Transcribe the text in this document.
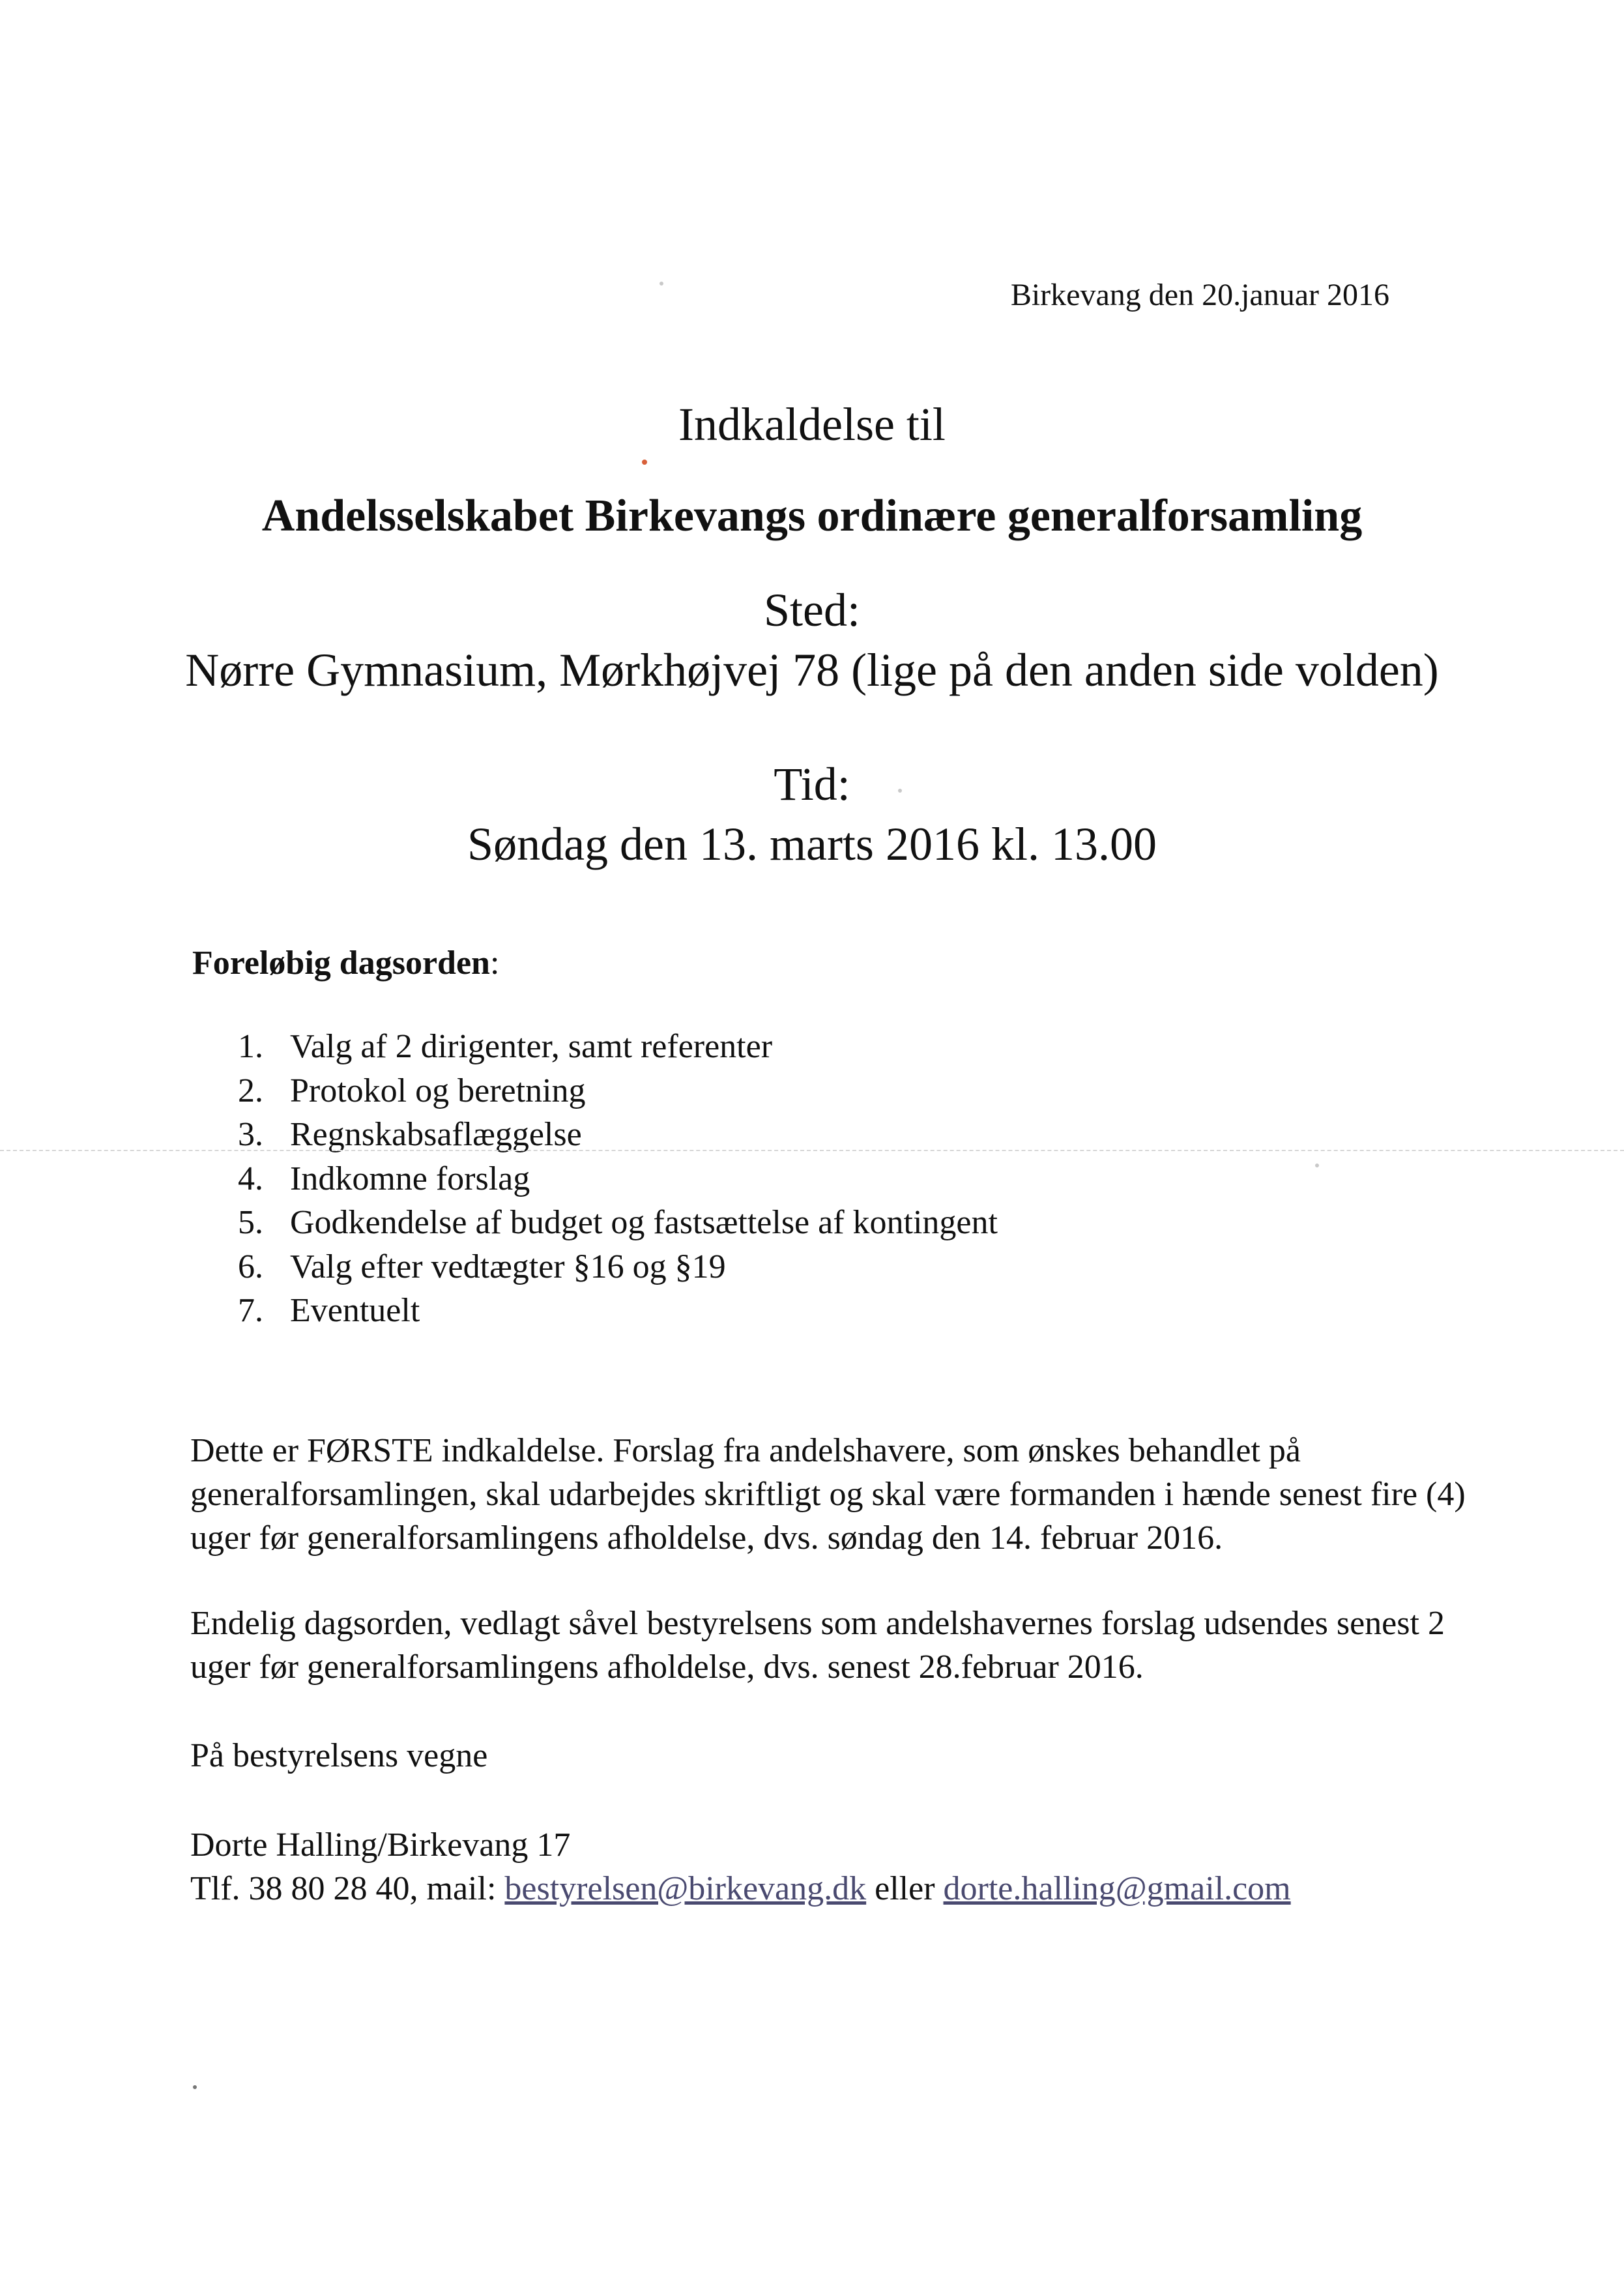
Birkevang den 20.januar 2016
Indkaldelse til
Andelsselskabet Birkevangs ordinære generalforsamling
Sted:
Nørre Gymnasium, Mørkhøjvej 78 (lige på den anden side volden)
Tid:
Søndag den 13. marts 2016 kl. 13.00
Foreløbig dagsorden:
1. Valg af 2 dirigenter, samt referenter
2. Protokol og beretning
3. Regnskabsaflæggelse
4. Indkomne forslag
5. Godkendelse af budget og fastsættelse af kontingent
6. Valg efter vedtægter §16 og §19
7. Eventuelt

Dette er FØRSTE indkaldelse. Forslag fra andelshavere, som ønskes behandlet på generalforsamlingen, skal udarbejdes skriftligt og skal være formanden i hænde senest fire (4) uger før generalforsamlingens afholdelse, dvs. søndag den 14. februar 2016.

Endelig dagsorden, vedlagt såvel bestyrelsens som andelshavernes forslag udsendes senest 2 uger før generalforsamlingens afholdelse, dvs. senest 28.februar 2016.

På bestyrelsens vegne
Dorte Halling/Birkevang 17
Tlf. 38 80 28 40, mail: bestyrelsen@birkevang.dk eller dorte.halling@gmail.com
